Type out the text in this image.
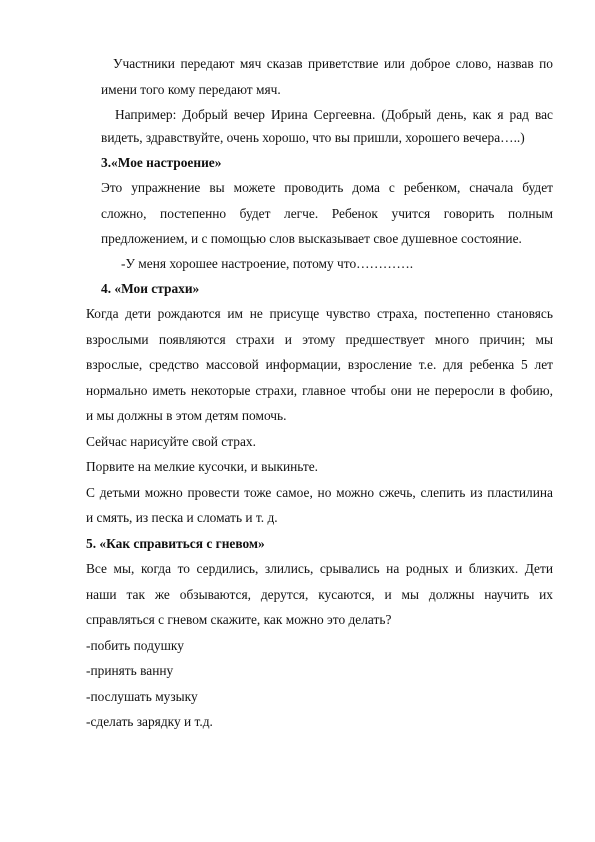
Участники передают мяч сказав приветствие или доброе слово, назвав по
имени того кому передают мяч.
Например: Добрый вечер Ирина Сергеевна. (Добрый день, как я рад вас
видеть, здравствуйте, очень хорошо, что вы пришли, хорошего вечера…..)
3.«Мое настроение»
Это упражнение вы можете проводить дома с ребенком, сначала будет
сложно, постепенно будет легче. Ребенок учится говорить полным
предложением, и с помощью слов высказывает свое душевное состояние.
-У меня хорошее настроение, потому что………….
4. «Мои страхи»
Когда дети рождаются им не присуще чувство страха, постепенно становясь
взрослыми появляются страхи и этому предшествует много причин; мы
взрослые, средство массовой информации, взросление т.е. для ребенка 5 лет
нормально иметь некоторые страхи, главное чтобы они не переросли в фобию,
и мы должны в этом детям помочь.
Сейчас нарисуйте свой страх.
Порвите на мелкие кусочки, и выкиньте.
С детьми можно провести тоже самое, но можно сжечь, слепить из пластилина
и смять, из песка и сломать и т. д.
5. «Как справиться с гневом»
Все мы, когда то сердились, злились, срывались на родных и близких. Дети
наши так же обзываются, дерутся, кусаются, и мы должны научить их
справляться с гневом скажите, как можно это делать?
-побить подушку
-принять ванну
-послушать музыку
-сделать зарядку и т.д.
